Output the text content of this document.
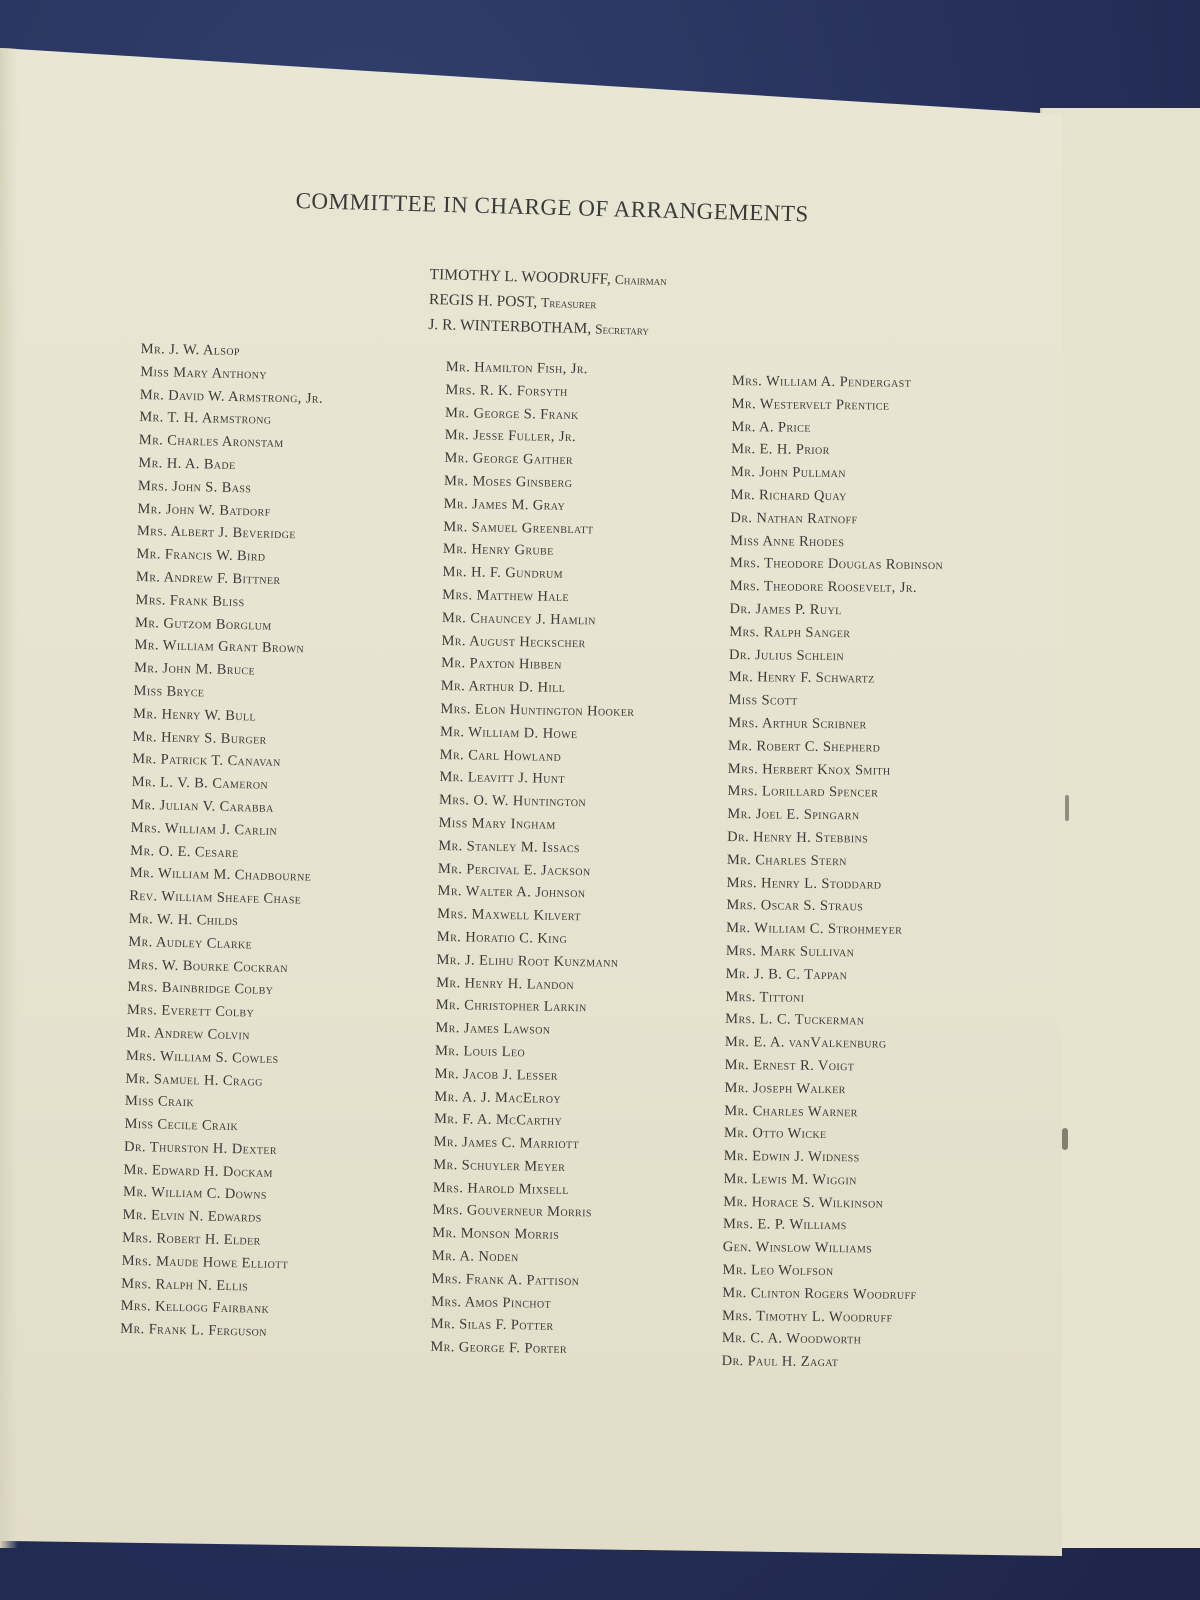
COMMITTEE IN CHARGE OF ARRANGEMENTS
TIMOTHY L. WOODRUFF, Chairman
REGIS H. POST, Treasurer
J. R. WINTERBOTHAM, Secretary
Mr. J. W. Alsop
Miss Mary Anthony
Mr. David W. Armstrong, Jr.
Mr. T. H. Armstrong
Mr. Charles Aronstam
Mr. H. A. Bade
Mrs. John S. Bass
Mr. John W. Batdorf
Mrs. Albert J. Beveridge
Mr. Francis W. Bird
Mr. Andrew F. Bittner
Mrs. Frank Bliss
Mr. Gutzom Borglum
Mr. William Grant Brown
Mr. John M. Bruce
Miss Bryce
Mr. Henry W. Bull
Mr. Henry S. Burger
Mr. Patrick T. Canavan
Mr. L. V. B. Cameron
Mr. Julian V. Carabba
Mrs. William J. Carlin
Mr. O. E. Cesare
Mr. William M. Chadbourne
Rev. William Sheafe Chase
Mr. W. H. Childs
Mr. Audley Clarke
Mrs. W. Bourke Cockran
Mrs. Bainbridge Colby
Mrs. Everett Colby
Mr. Andrew Colvin
Mrs. William S. Cowles
Mr. Samuel H. Cragg
Miss Craik
Miss Cecile Craik
Dr. Thurston H. Dexter
Mr. Edward H. Dockam
Mr. William C. Downs
Mr. Elvin N. Edwards
Mrs. Robert H. Elder
Mrs. Maude Howe Elliott
Mrs. Ralph N. Ellis
Mrs. Kellogg Fairbank
Mr. Frank L. Ferguson
Mr. Hamilton Fish, Jr.
Mrs. R. K. Forsyth
Mr. George S. Frank
Mr. Jesse Fuller, Jr.
Mr. George Gaither
Mr. Moses Ginsberg
Mr. James M. Gray
Mr. Samuel Greenblatt
Mr. Henry Grube
Mr. H. F. Gundrum
Mrs. Matthew Hale
Mr. Chauncey J. Hamlin
Mr. August Heckscher
Mr. Paxton Hibben
Mr. Arthur D. Hill
Mrs. Elon Huntington Hooker
Mr. William D. Howe
Mr. Carl Howland
Mr. Leavitt J. Hunt
Mrs. O. W. Huntington
Miss Mary Ingham
Mr. Stanley M. Issacs
Mr. Percival E. Jackson
Mr. Walter A. Johnson
Mrs. Maxwell Kilvert
Mr. Horatio C. King
Mr. J. Elihu Root Kunzmann
Mr. Henry H. Landon
Mr. Christopher Larkin
Mr. James Lawson
Mr. Louis Leo
Mr. Jacob J. Lesser
Mr. A. J. MacElroy
Mr. F. A. McCarthy
Mr. James C. Marriott
Mr. Schuyler Meyer
Mrs. Harold Mixsell
Mrs. Gouverneur Morris
Mr. Monson Morris
Mr. A. Noden
Mrs. Frank A. Pattison
Mrs. Amos Pinchot
Mr. Silas F. Potter
Mr. George F. Porter
Mrs. William A. Pendergast
Mr. Westervelt Prentice
Mr. A. Price
Mr. E. H. Prior
Mr. John Pullman
Mr. Richard Quay
Dr. Nathan Ratnoff
Miss Anne Rhodes
Mrs. Theodore Douglas Robinson
Mrs. Theodore Roosevelt, Jr.
Dr. James P. Ruyl
Mrs. Ralph Sanger
Dr. Julius Schlein
Mr. Henry F. Schwartz
Miss Scott
Mrs. Arthur Scribner
Mr. Robert C. Shepherd
Mrs. Herbert Knox Smith
Mrs. Lorillard Spencer
Mr. Joel E. Spingarn
Dr. Henry H. Stebbins
Mr. Charles Stern
Mrs. Henry L. Stoddard
Mrs. Oscar S. Straus
Mr. William C. Strohmeyer
Mrs. Mark Sullivan
Mr. J. B. C. Tappan
Mrs. Tittoni
Mrs. L. C. Tuckerman
Mr. E. A. vanValkenburg
Mr. Ernest R. Voigt
Mr. Joseph Walker
Mr. Charles Warner
Mr. Otto Wicke
Mr. Edwin J. Widness
Mr. Lewis M. Wiggin
Mr. Horace S. Wilkinson
Mrs. E. P. Williams
Gen. Winslow Williams
Mr. Leo Wolfson
Mr. Clinton Rogers Woodruff
Mrs. Timothy L. Woodruff
Mr. C. A. Woodworth
Dr. Paul H. Zagat
